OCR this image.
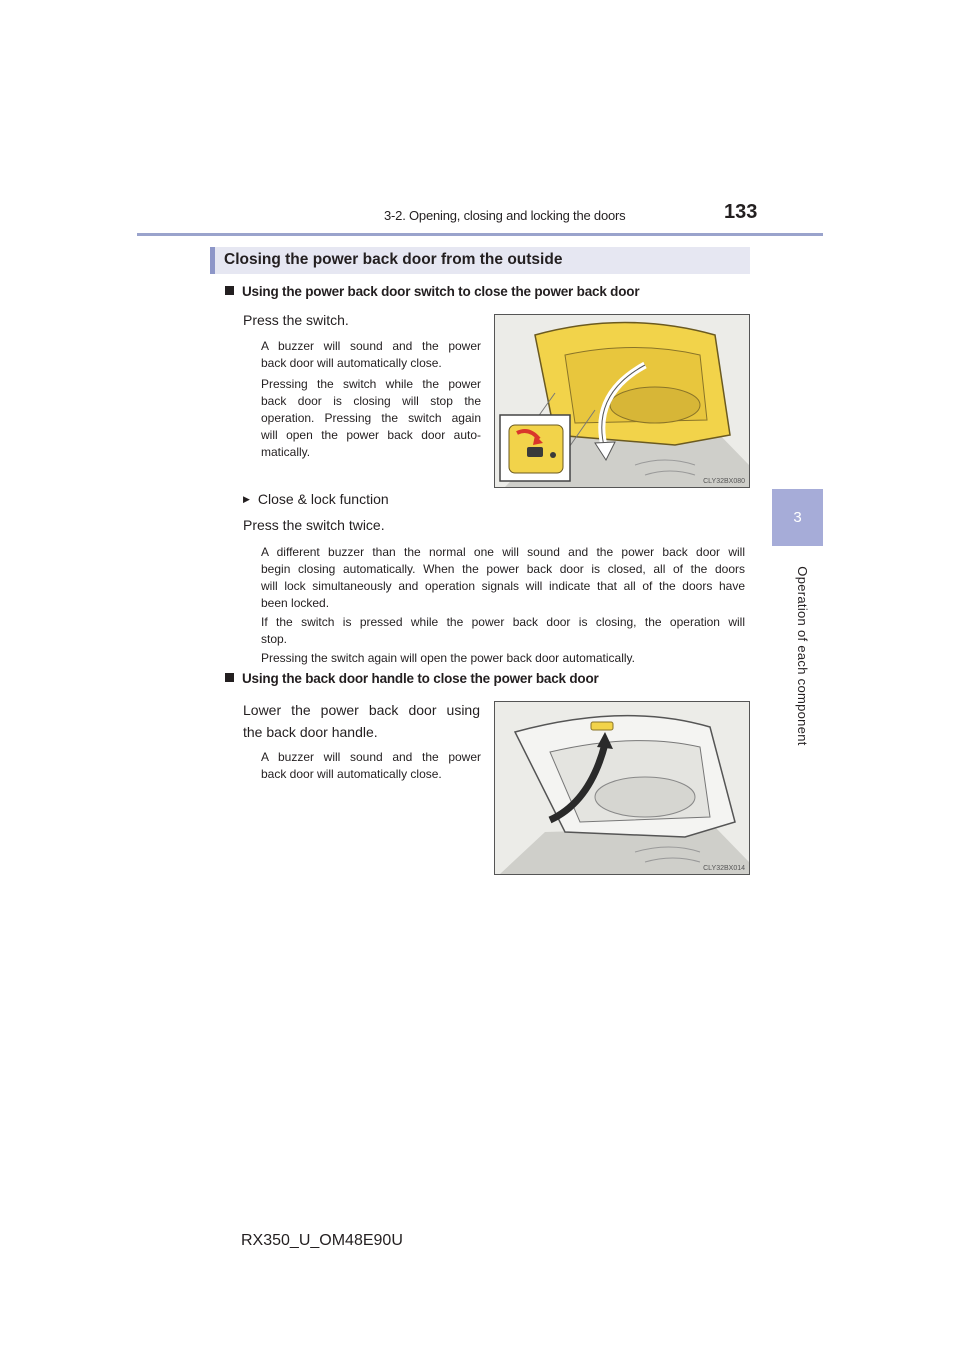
3-2. Opening, closing and locking the doors	133
3
Operation of each component
Closing the power back door from the outside
Using the power back door switch to close the power back door
Press the switch.
A buzzer will sound and the power
back door will automatically close.
Pressing the switch while the power
back door is closing will stop the
operation. Pressing the switch again
will open the power back door auto-
matically.
CLY32BX080
▶ Close & lock function
Press the switch twice.
A different buzzer than the normal one will sound and the power back door will
begin closing automatically. When the power back door is closed, all of the doors
will lock simultaneously and operation signals will indicate that all of the doors have
been locked.
If the switch is pressed while the power back door is closing, the operation will
stop.
Pressing the switch again will open the power back door automatically.
Using the back door handle to close the power back door
Lower the power back door using
the back door handle.
A buzzer will sound and the power
back door will automatically close.
CLY32BX014
RX350_U_OM48E90U
